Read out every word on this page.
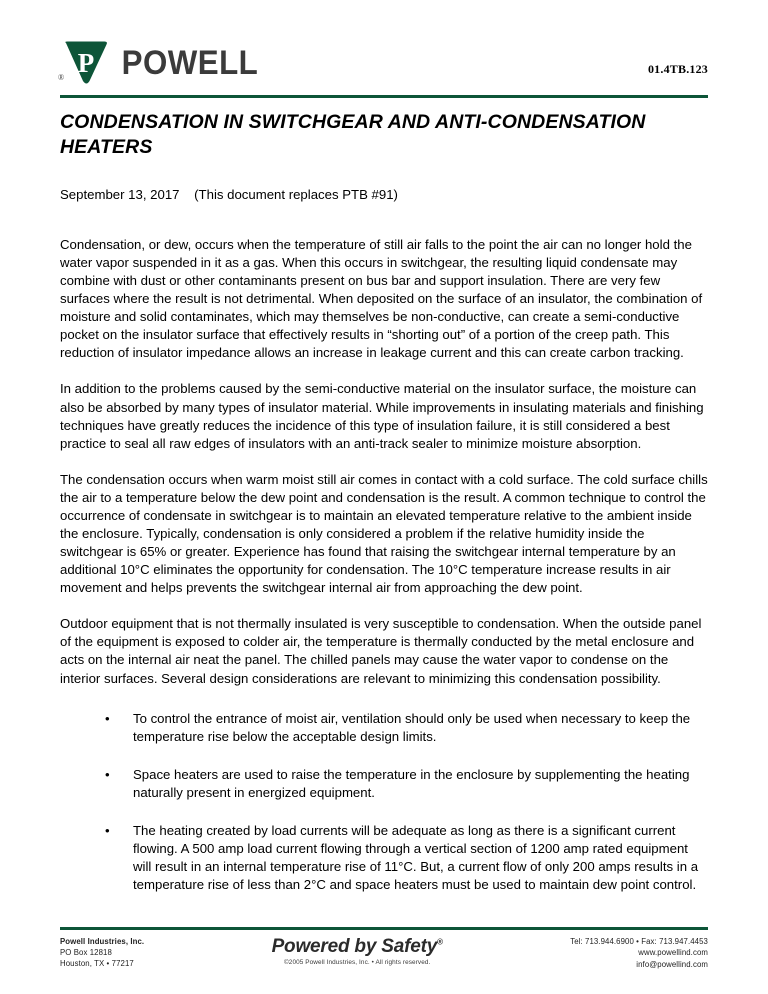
P
® POWELL	01.4TB.123
CONDENSATION IN SWITCHGEAR AND ANTI-CONDENSATION HEATERS
September 13, 2017    (This document replaces PTB #91)

Condensation, or dew, occurs when the temperature of still air falls to the point the air can no longer hold the water vapor suspended in it as a gas. When this occurs in switchgear, the resulting liquid condensate may combine with dust or other contaminants present on bus bar and support insulation. There are very few surfaces where the result is not detrimental. When deposited on the surface of an insulator, the combination of moisture and solid contaminates, which may themselves be non-conductive, can create a semi-conductive pocket on the insulator surface that effectively results in “shorting out” of a portion of the creep path. This reduction of insulator impedance allows an increase in leakage current and this can create carbon tracking.

In addition to the problems caused by the semi-conductive material on the insulator surface, the moisture can also be absorbed by many types of insulator material. While improvements in insulating materials and finishing techniques have greatly reduces the incidence of this type of insulation failure, it is still considered a best practice to seal all raw edges of insulators with an anti-track sealer to minimize moisture absorption.

The condensation occurs when warm moist still air comes in contact with a cold surface. The cold surface chills the air to a temperature below the dew point and condensation is the result. A common technique to control the occurrence of condensate in switchgear is to maintain an elevated temperature relative to the ambient inside the enclosure. Typically, condensation is only considered a problem if the relative humidity inside the switchgear is 65% or greater. Experience has found that raising the switchgear internal temperature by an additional 10°C eliminates the opportunity for condensation. The 10°C temperature increase results in air movement and helps prevents the switchgear internal air from approaching the dew point.

Outdoor equipment that is not thermally insulated is very susceptible to condensation. When the outside panel of the equipment is exposed to colder air, the temperature is thermally conducted by the metal enclosure and acts on the internal air neat the panel. The chilled panels may cause the water vapor to condense on the interior surfaces. Several design considerations are relevant to minimizing this condensation possibility.

•	To control the entrance of moist air, ventilation should only be used when necessary to keep the temperature rise below the acceptable design limits.
•	Space heaters are used to raise the temperature in the enclosure by supplementing the heating naturally present in energized equipment.
•	The heating created by load currents will be adequate as long as there is a significant current flowing. A 500 amp load current flowing through a vertical section of 1200 amp rated equipment will result in an internal temperature rise of 11°C. But, a current flow of only 200 amps results in a temperature rise of less than 2°C and space heaters must be used to maintain dew point control.
Powell Industries, Inc.
PO Box 12818
Houston, TX • 77217
Powered by Safety®
©2005 Powell Industries, Inc. • All rights reserved.
Tel: 713.944.6900 • Fax: 713.947.4453
www.powellind.com
info@powellind.com
